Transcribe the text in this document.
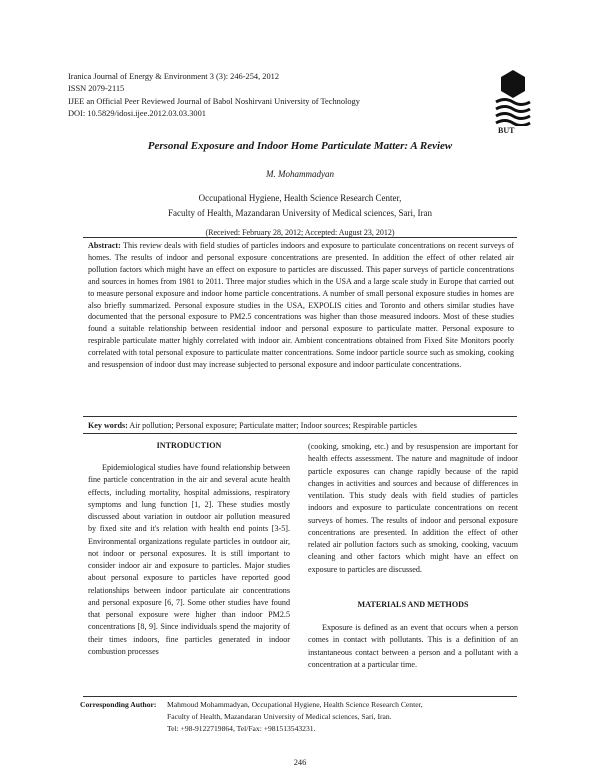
Iranica Journal of Energy & Environment 3 (3): 246-254, 2012
ISSN 2079-2115
IJEE an Official Peer Reviewed Journal of Babol Noshirvani University of Technology
DOI: 10.5829/idosi.ijee.2012.03.03.3001
BUT
Personal Exposure and Indoor Home Particulate Matter: A Review
M. Mohammadyan
Occupational Hygiene, Health Science Research Center,
Faculty of Health, Mazandaran University of Medical sciences, Sari, Iran
(Received: February 28, 2012; Accepted: August 23, 2012)
Abstract: This review deals with field studies of particles indoors and exposure to particulate concentrations on recent surveys of homes. The results of indoor and personal exposure concentrations are presented. In addition the effect of other related air pollution factors which might have an effect on exposure to particles are discussed. This paper surveys of particle concentrations and sources in homes from 1981 to 2011. Three major studies which in the USA and a large scale study in Europe that carried out to measure personal exposure and indoor home particle concentrations. A number of small personal exposure studies in homes are also briefly summarized. Personal exposure studies in the USA, EXPOLIS cities and Toronto and others similar studies have documented that the personal exposure to PM2.5 concentrations was higher than those measured indoors. Most of these studies found a suitable relationship between residential indoor and personal exposure to particulate matter. Personal exposure to respirable particulate matter highly correlated with indoor air. Ambient concentrations obtained from Fixed Site Monitors poorly correlated with total personal exposure to particulate matter concentrations. Some indoor particle source such as smoking, cooking and resuspension of indoor dust may increase subjected to personal exposure and indoor particulate concentrations.
Key words: Air pollution; Personal exposure; Particulate matter; Indoor sources; Respirable particles
INTRODUCTION

Epidemiological studies have found relationship between fine particle concentration in the air and several acute health effects, including mortality, hospital admissions, respiratory symptoms and lung function [1, 2]. These studies mostly discussed about variation in outdoor air pollution measured by fixed site and it's relation with health end points [3-5]. Environmental organizations regulate particles in outdoor air, not indoor or personal exposures. It is still important to consider indoor air and exposure to particles. Major studies about personal exposure to particles have reported good relationships between indoor particulate air concentrations and personal exposure [6, 7]. Some other studies have found that personal exposure were higher than indoor PM2.5 concentrations [8, 9]. Since individuals spend the majority of their times indoors, fine particles generated in indoor combustion processes

(cooking, smoking, etc.) and by resuspension are important for health effects assessment. The nature and magnitude of indoor particle exposures can change rapidly because of the rapid changes in activities and sources and because of differences in ventilation. This study deals with field studies of particles indoors and exposure to particulate concentrations on recent surveys of homes. The results of indoor and personal exposure concentrations are presented. In addition the effect of other related air pollution factors such as smoking, cooking, vacuum cleaning and other factors which might have an effect on exposure to particles are discussed.

MATERIALS AND METHODS

Exposure is defined as an event that occurs when a person comes in contact with pollutants. This is a definition of an instantaneous contact between a person and a pollutant with a concentration at a particular time.

Corresponding Author: Mahmoud Mohammadyan, Occupational Hygiene, Health Science Research Center,
Faculty of Health, Mazandaran University of Medical sciences, Sari, Iran.
Tel: +98-9122719864, Tel/Fax: +981513543231.
246
